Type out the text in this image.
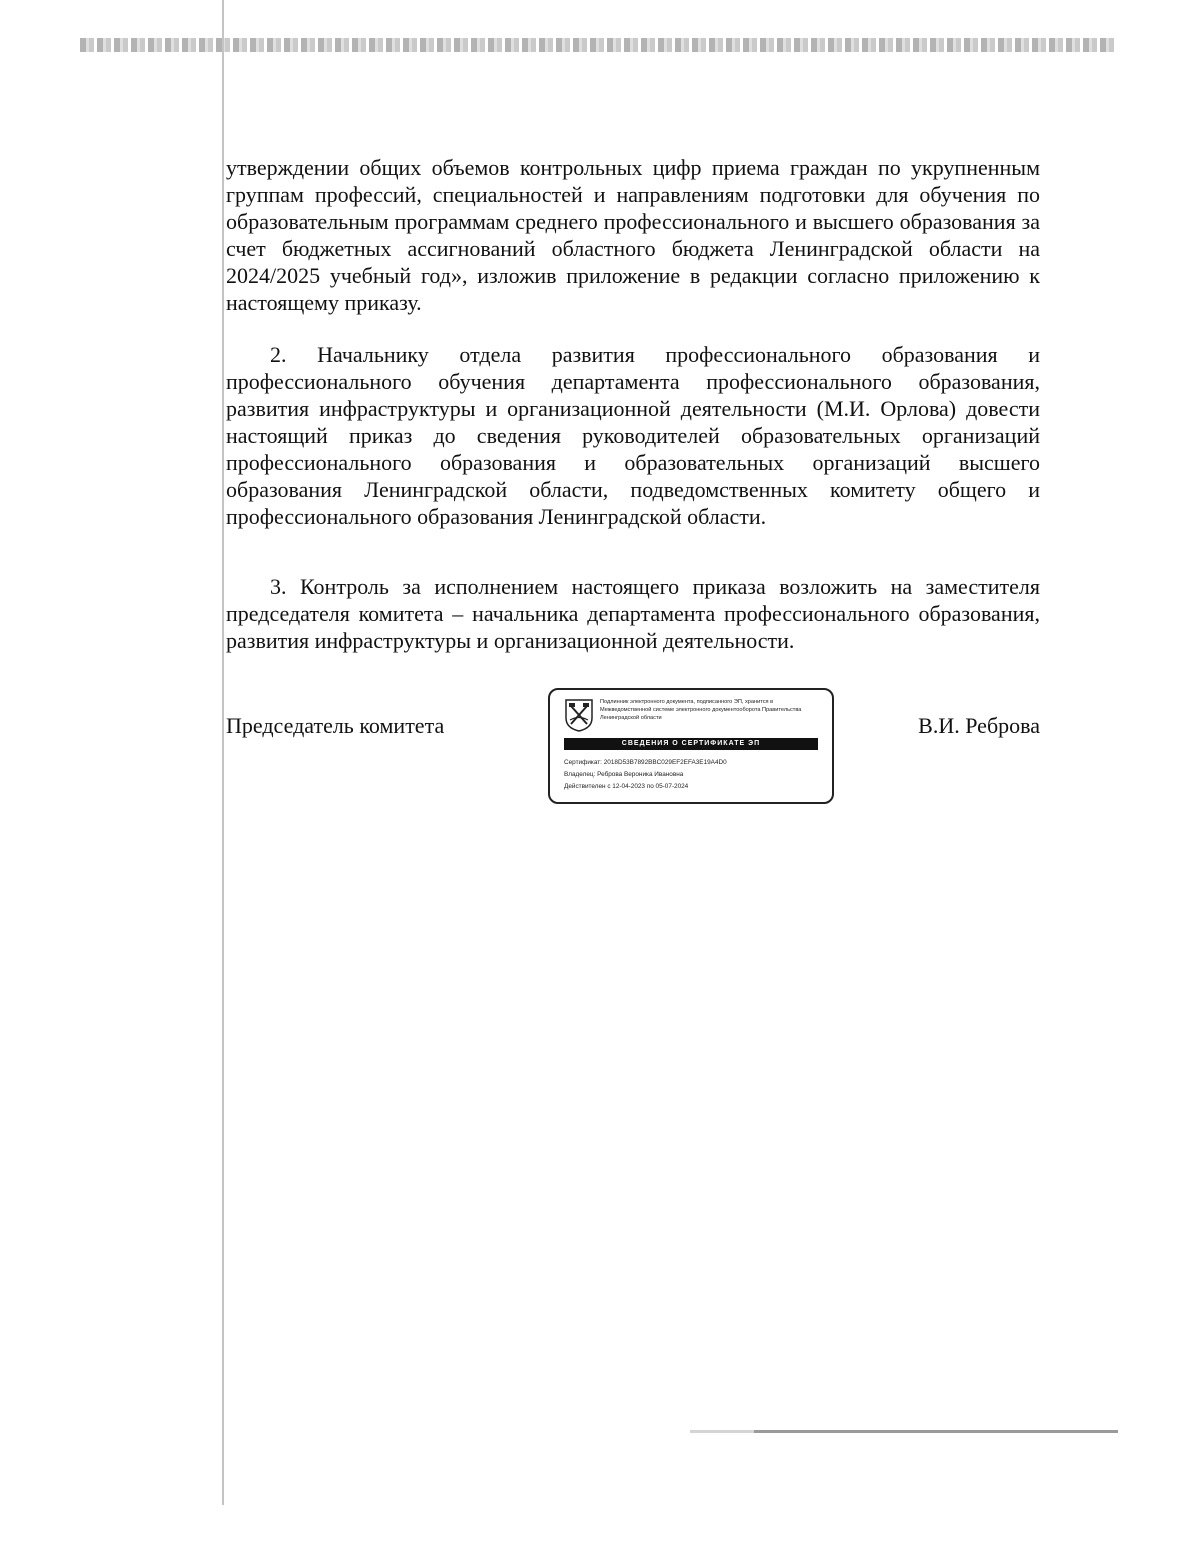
утверждении общих объемов контрольных цифр приема граждан по укрупненным группам профессий, специальностей и направлениям подготовки для обучения по образовательным программам среднего профессионального и высшего образования за счет бюджетных ассигнований областного бюджета Ленинградской области на 2024/2025 учебный год», изложив приложение в редакции согласно приложению к настоящему приказу.

2. Начальнику отдела развития профессионального образования и профессионального обучения департамента профессионального образования, развития инфраструктуры и организационной деятельности (М.И. Орлова) довести настоящий приказ до сведения руководителей образовательных организаций профессионального образования и образовательных организаций высшего образования Ленинградской области, подведомственных комитету общего и профессионального образования Ленинградской области.

3. Контроль за исполнением настоящего приказа возложить на заместителя председателя комитета – начальника департамента профессионального образования, развития инфраструктуры и организационной деятельности.

Председатель комитета	В.И. Реброва
Подлинник электронного документа, подписанного ЭП, хранится в Межведомственной системе электронного документооборота Правительства Ленинградской области
СВЕДЕНИЯ О СЕРТИФИКАТЕ ЭП
Сертификат: 2018D53B7892BBC029EF2EFA3E19A4D0
Владелец: Реброва Вероника Ивановна
Действителен с 12-04-2023 по 05-07-2024
